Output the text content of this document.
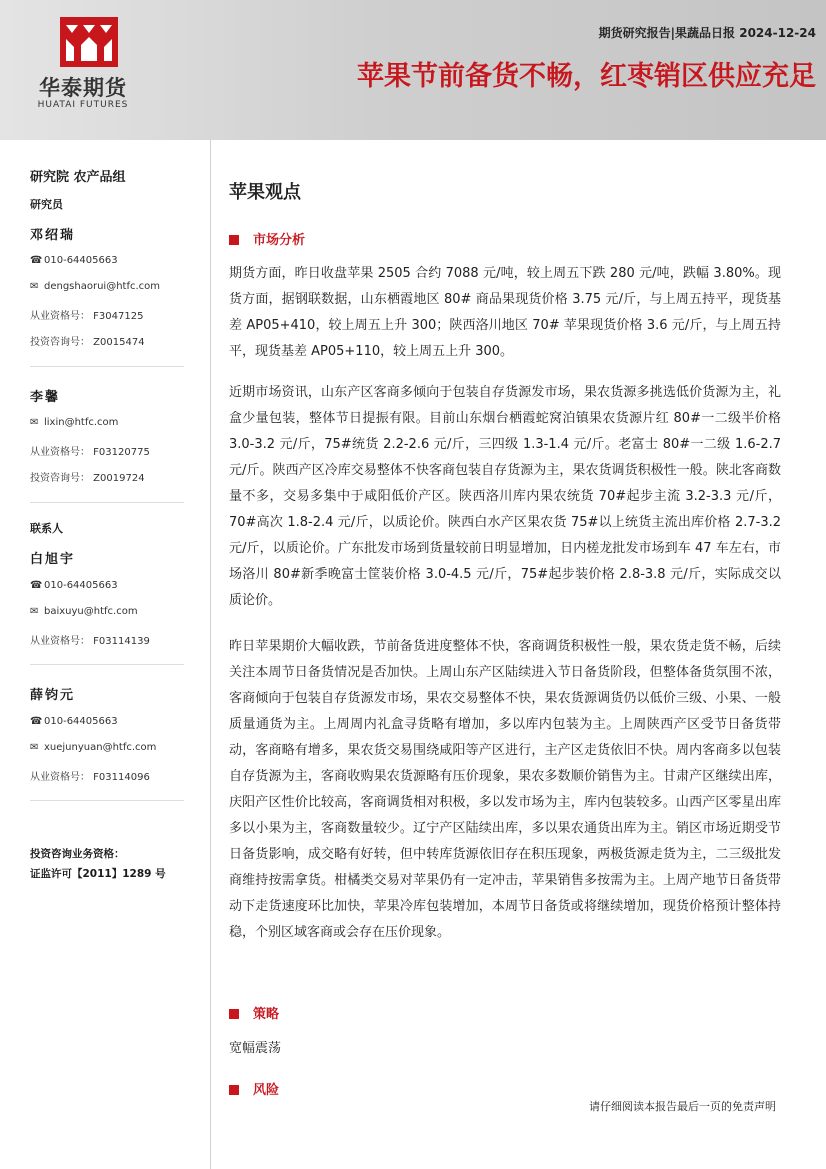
华泰期货
HUATAI FUTURES
期货研究报告|果蔬品日报 2024-12-24
苹果节前备货不畅，红枣销区供应充足
研究院 农产品组
研究员
邓绍瑞
☎ 010-64405663
✉ dengshaorui@htfc.com
从业资格号： F3047125
投资咨询号： Z0015474
李馨
✉ lixin@htfc.com
从业资格号： F03120775
投资咨询号： Z0019724
联系人
白旭宇
☎ 010-64405663
✉ baixuyu@htfc.com
从业资格号： F03114139
薛钧元
☎ 010-64405663
✉ xuejunyuan@htfc.com
从业资格号： F03114096
投资咨询业务资格：
证监许可【2011】1289 号
苹果观点
市场分析

期货方面，昨日收盘苹果 2505 合约 7088 元/吨，较上周五下跌 280 元/吨，跌幅 3.80%。现货方面，据钢联数据，山东栖霞地区 80# 商品果现货价格 3.75 元/斤，与上周五持平，现货基差 AP05+410，较上周五上升 300；陕西洛川地区 70# 苹果现货价格 3.6 元/斤，与上周五持平，现货基差 AP05+110，较上周五上升 300。

近期市场资讯，山东产区客商多倾向于包装自存货源发市场，果农货源多挑选低价货源为主，礼盒少量包装，整体节日提振有限。目前山东烟台栖霞蛇窝泊镇果农货源片红 80#一二级半价格 3.0-3.2 元/斤，75#统货 2.2-2.6 元/斤，三四级 1.3-1.4 元/斤。老富士 80#一二级 1.6-2.7 元/斤。陕西产区冷库交易整体不快客商包装自存货源为主，果农货调货积极性一般。陕北客商数量不多，交易多集中于咸阳低价产区。陕西洛川库内果农统货 70#起步主流 3.2-3.3 元/斤，70#高次 1.8-2.4 元/斤，以质论价。陕西白水产区果农货 75#以上统货主流出库价格 2.7-3.2 元/斤，以质论价。广东批发市场到货量较前日明显增加，日内槎龙批发市场到车 47 车左右，市场洛川 80#新季晚富士筐装价格 3.0-4.5 元/斤，75#起步装价格 2.8-3.8 元/斤，实际成交以质论价。

昨日苹果期价大幅收跌，节前备货进度整体不快，客商调货积极性一般，果农货走货不畅，后续关注本周节日备货情况是否加快。上周山东产区陆续进入节日备货阶段，但整体备货氛围不浓，客商倾向于包装自存货源发市场，果农交易整体不快，果农货源调货仍以低价三级、小果、一般质量通货为主。上周周内礼盒寻货略有增加，多以库内包装为主。上周陕西产区受节日备货带动，客商略有增多，果农货交易围绕咸阳等产区进行，主产区走货依旧不快。周内客商多以包装自存货源为主，客商收购果农货源略有压价现象，果农多数顺价销售为主。甘肃产区继续出库，庆阳产区性价比较高，客商调货相对积极，多以发市场为主，库内包装较多。山西产区零星出库多以小果为主，客商数量较少。辽宁产区陆续出库，多以果农通货出库为主。销区市场近期受节日备货影响，成交略有好转，但中转库货源依旧存在积压现象，两极货源走货为主，二三级批发商维持按需拿货。柑橘类交易对苹果仍有一定冲击，苹果销售多按需为主。上周产地节日备货带动下走货速度环比加快，苹果冷库包装增加，本周节日备货或将继续增加，现货价格预计整体持稳，个别区域客商或会存在压价现象。

策略

宽幅震荡

风险
请仔细阅读本报告最后一页的免责声明
